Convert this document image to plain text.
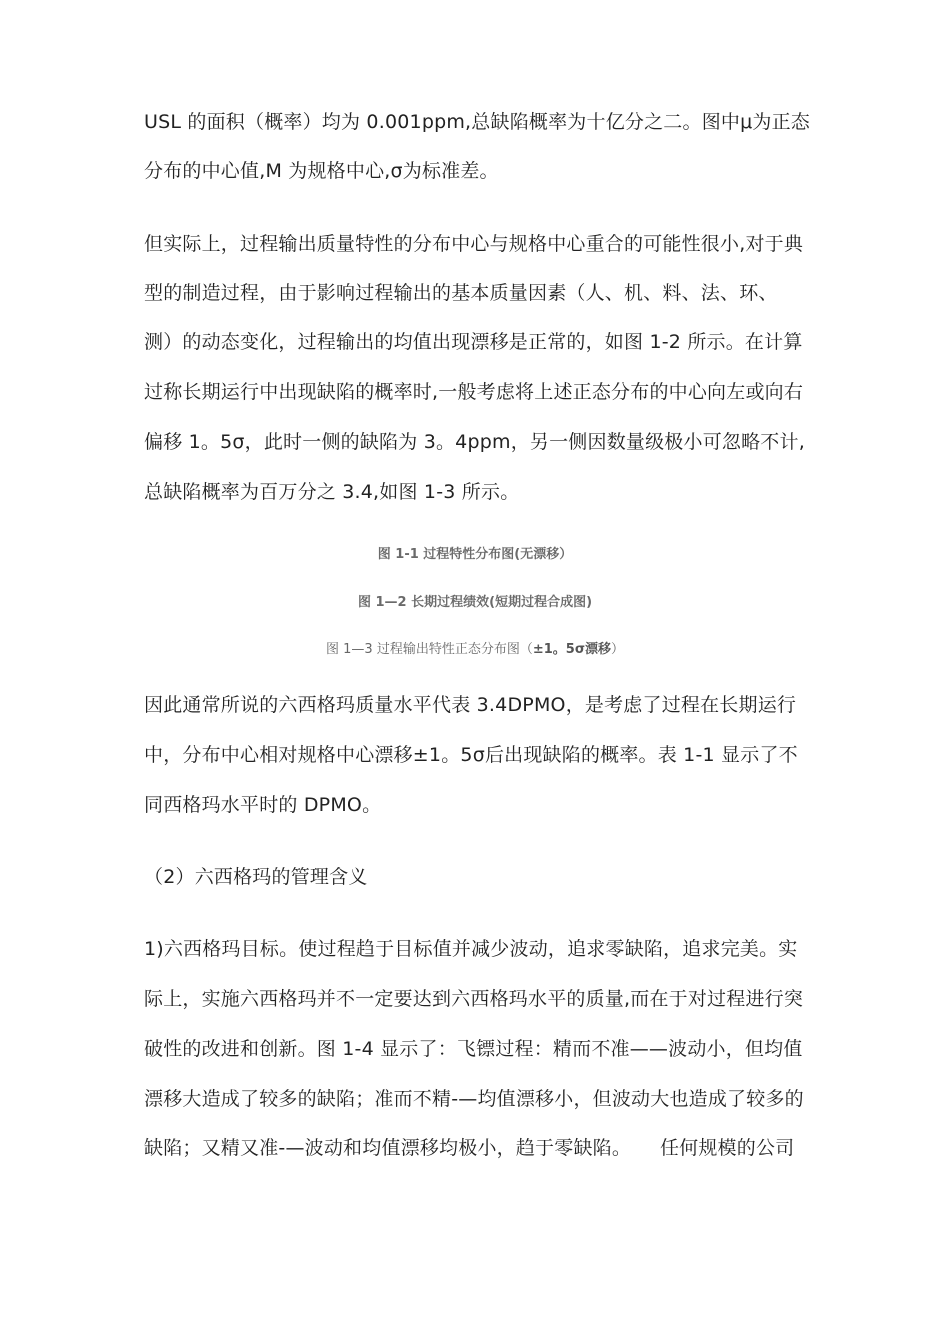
USL 的面积（概率）均为 0.001ppm,总缺陷概率为十亿分之二。图中μ为正态
分布的中心值,M 为规格中心,σ为标准差。
但实际上，过程输出质量特性的分布中心与规格中心重合的可能性很小,对于典
型的制造过程，由于影响过程输出的基本质量因素（人、机、料、法、环、
测）的动态变化，过程输出的均值出现漂移是正常的，如图 1-2 所示。在计算
过称长期运行中出现缺陷的概率时,一般考虑将上述正态分布的中心向左或向右
偏移 1。5σ，此时一侧的缺陷为 3。4ppm，另一侧因数量级极小可忽略不计,
总缺陷概率为百万分之 3.4,如图 1-3 所示。
图 1-1 过程特性分布图(无漂移）
图 1—2 长期过程绩效(短期过程合成图)
图 1—3 过程输出特性正态分布图（±1。5σ漂移）
因此通常所说的六西格玛质量水平代表 3.4DPMO，是考虑了过程在长期运行
中，分布中心相对规格中心漂移±1。5σ后出现缺陷的概率。表 1-1 显示了不
同西格玛水平时的 DPMO。
（2）六西格玛的管理含义
1)六西格玛目标。使过程趋于目标值并减少波动，追求零缺陷，追求完美。实
际上，实施六西格玛并不一定要达到六西格玛水平的质量,而在于对过程进行突
破性的改进和创新。图 1-4 显示了：飞镖过程：精而不准——波动小，但均值
漂移大造成了较多的缺陷；准而不精-—均值漂移小，但波动大也造成了较多的
缺陷；又精又准-—波动和均值漂移均极小，趋于零缺陷。　　任何规模的公司
